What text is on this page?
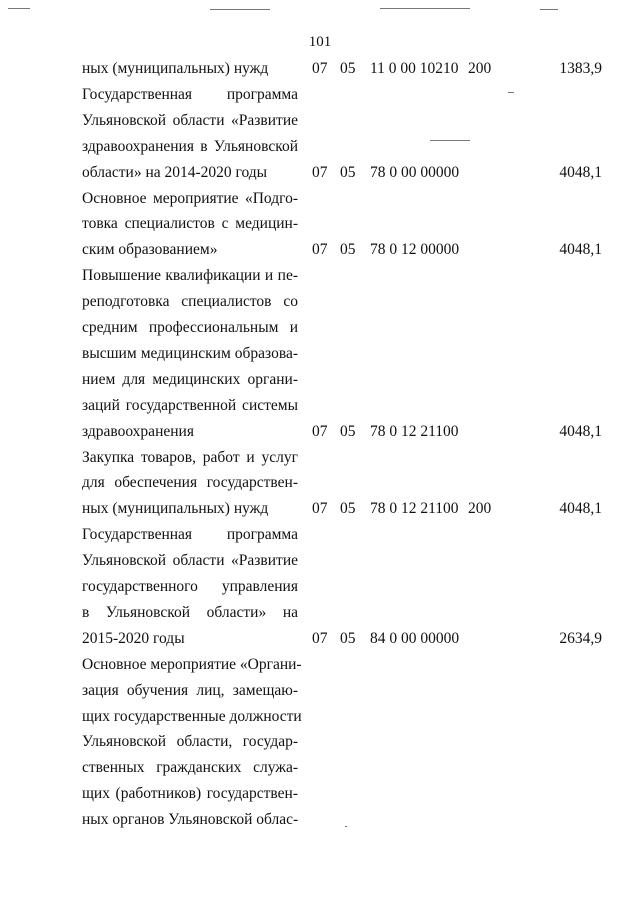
101
ных (муниципальных) нужд	07 05 11 0 00 10210 200	1383,9
Государственная программа
Ульяновской области «Развитие
здравоохранения в Ульяновской
области» на 2014-2020 годы	07 05 78 0 00 00000	4048,1
Основное мероприятие «Подго-
товка специалистов с медицин-
ским образованием»	07 05 78 0 12 00000	4048,1
Повышение квалификации и пе-
реподготовка специалистов со
средним профессиональным и
высшим медицинским образова-
нием для медицинских органи-
заций государственной системы
здравоохранения	07 05 78 0 12 21100	4048,1
Закупка товаров, работ и услуг
для обеспечения государствен-
ных (муниципальных) нужд	07 05 78 0 12 21100 200	4048,1
Государственная программа
Ульяновской области «Развитие
государственного управления
в Ульяновской области» на
2015-2020 годы	07 05 84 0 00 00000	2634,9
Основное мероприятие «Органи-
зация обучения лиц, замещаю-
щих государственные должности
Ульяновской области, государ-
ственных гражданских служа-
щих (работников) государствен-
ных органов Ульяновской облас-
